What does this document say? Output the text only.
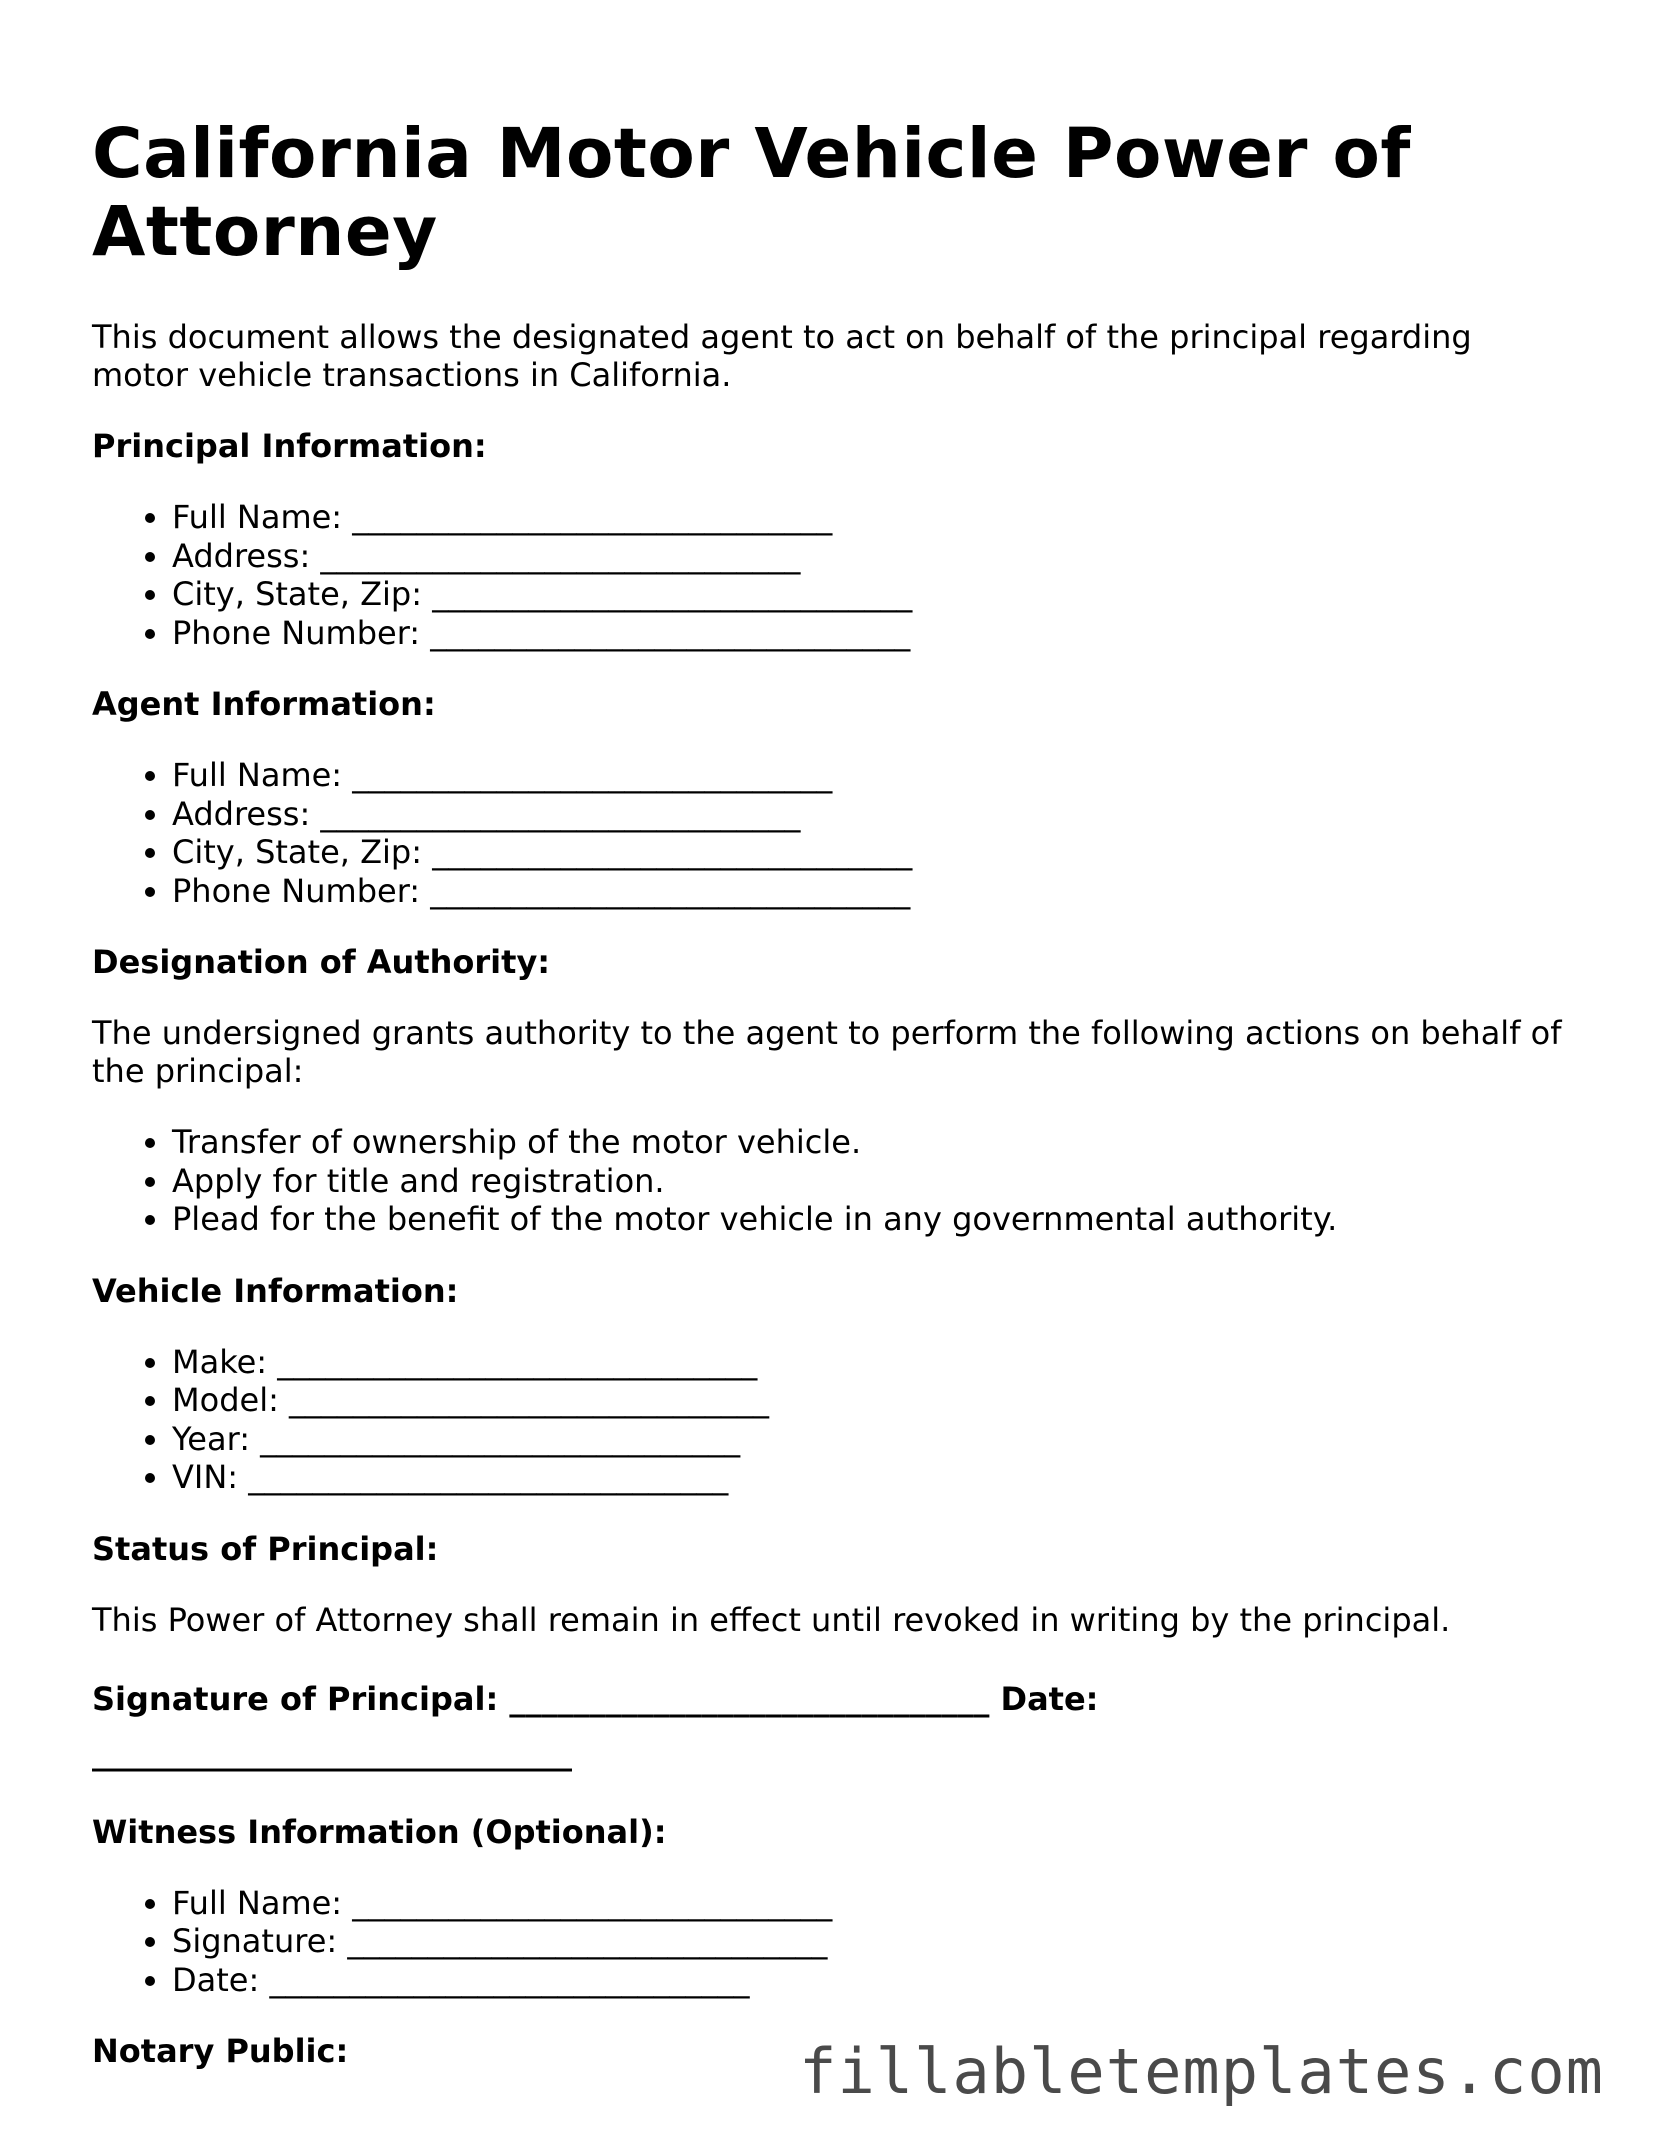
California Motor Vehicle Power of Attorney

This document allows the designated agent to act on behalf of the principal regarding motor vehicle transactions in California.

Principal Information:
• Full Name: ______________________________
• Address: ______________________________
• City, State, Zip: ______________________________
• Phone Number: ______________________________
Agent Information:
• Full Name: ______________________________
• Address: ______________________________
• City, State, Zip: ______________________________
• Phone Number: ______________________________
Designation of Authority:

The undersigned grants authority to the agent to perform the following actions on behalf of the principal:

• Transfer of ownership of the motor vehicle.
• Apply for title and registration.
• Plead for the benefit of the motor vehicle in any governmental authority.
Vehicle Information:
• Make: ______________________________
• Model: ______________________________
• Year: ______________________________
• VIN: ______________________________
Status of Principal:

This Power of Attorney shall remain in effect until revoked in writing by the principal.

Signature of Principal: ______________________________ Date: ______________________________
Witness Information (Optional):
• Full Name: ______________________________
• Signature: ______________________________
• Date: ______________________________
Notary Public:	fillabletemplates.com
